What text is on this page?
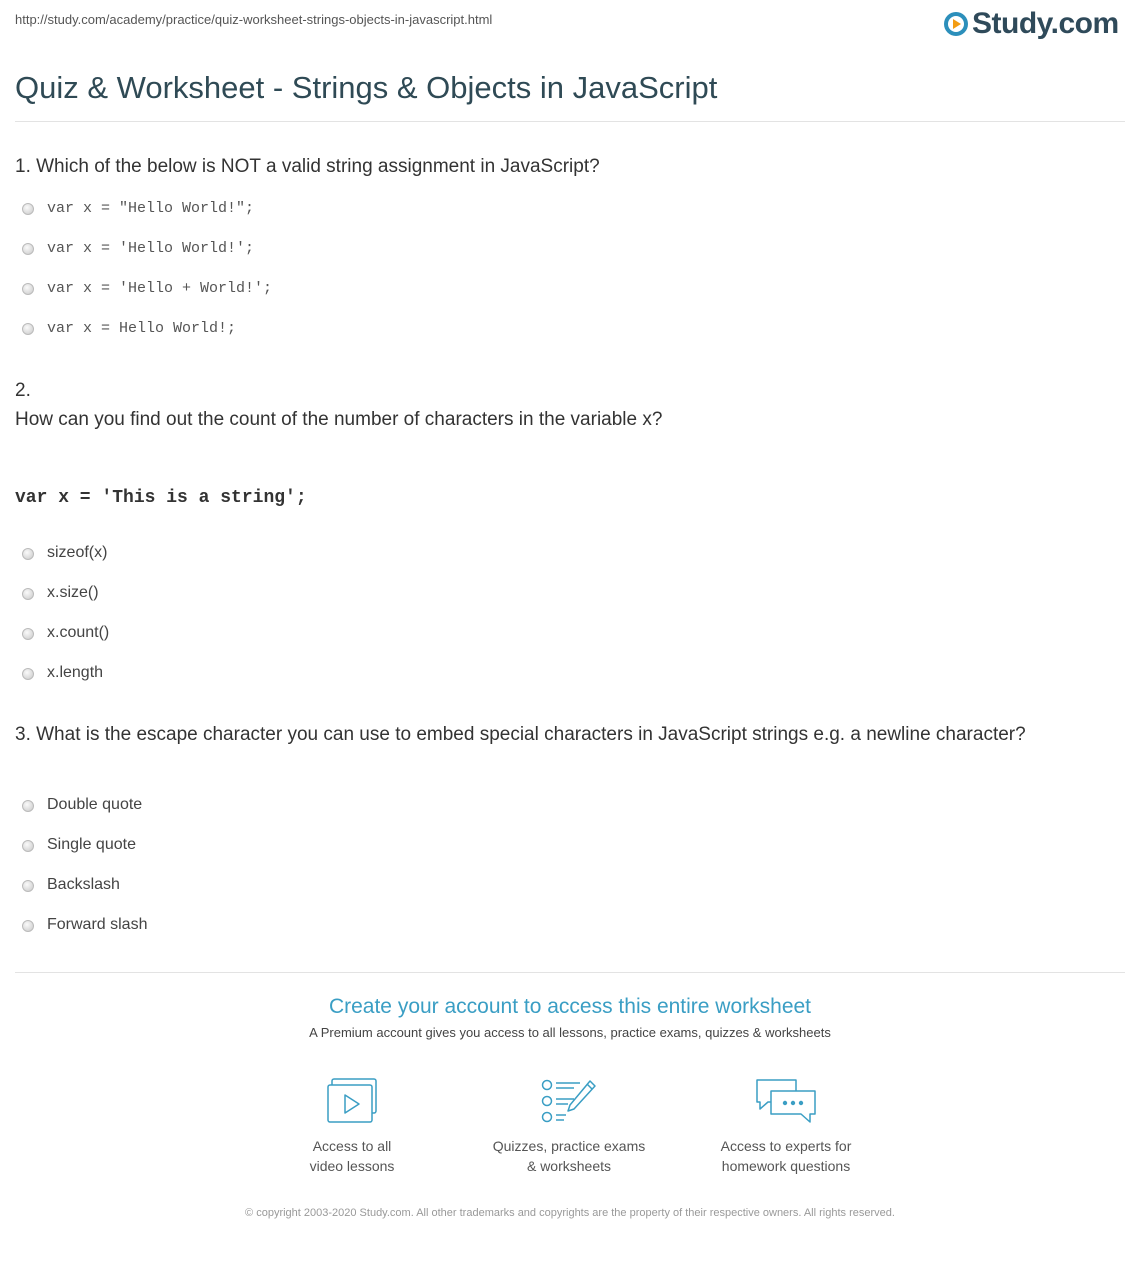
http://study.com/academy/practice/quiz-worksheet-strings-objects-in-javascript.html	Study.com
Quiz & Worksheet - Strings & Objects in JavaScript
1. Which of the below is NOT a valid string assignment in JavaScript?
var x = "Hello World!";
var x = 'Hello World!';
var x = 'Hello + World!';
var x = Hello World!;
2.
How can you find out the count of the number of characters in the variable x?
var x = 'This is a string';
sizeof(x)
x.size()
x.count()
x.length
3. What is the escape character you can use to embed special characters in JavaScript strings e.g. a newline character?
Double quote
Single quote
Backslash
Forward slash
Create your account to access this entire worksheet
A Premium account gives you access to all lessons, practice exams, quizzes & worksheets
Access to all
video lessons
Quizzes, practice exams
& worksheets
Access to experts for
homework questions
© copyright 2003-2020 Study.com. All other trademarks and copyrights are the property of their respective owners. All rights reserved.
